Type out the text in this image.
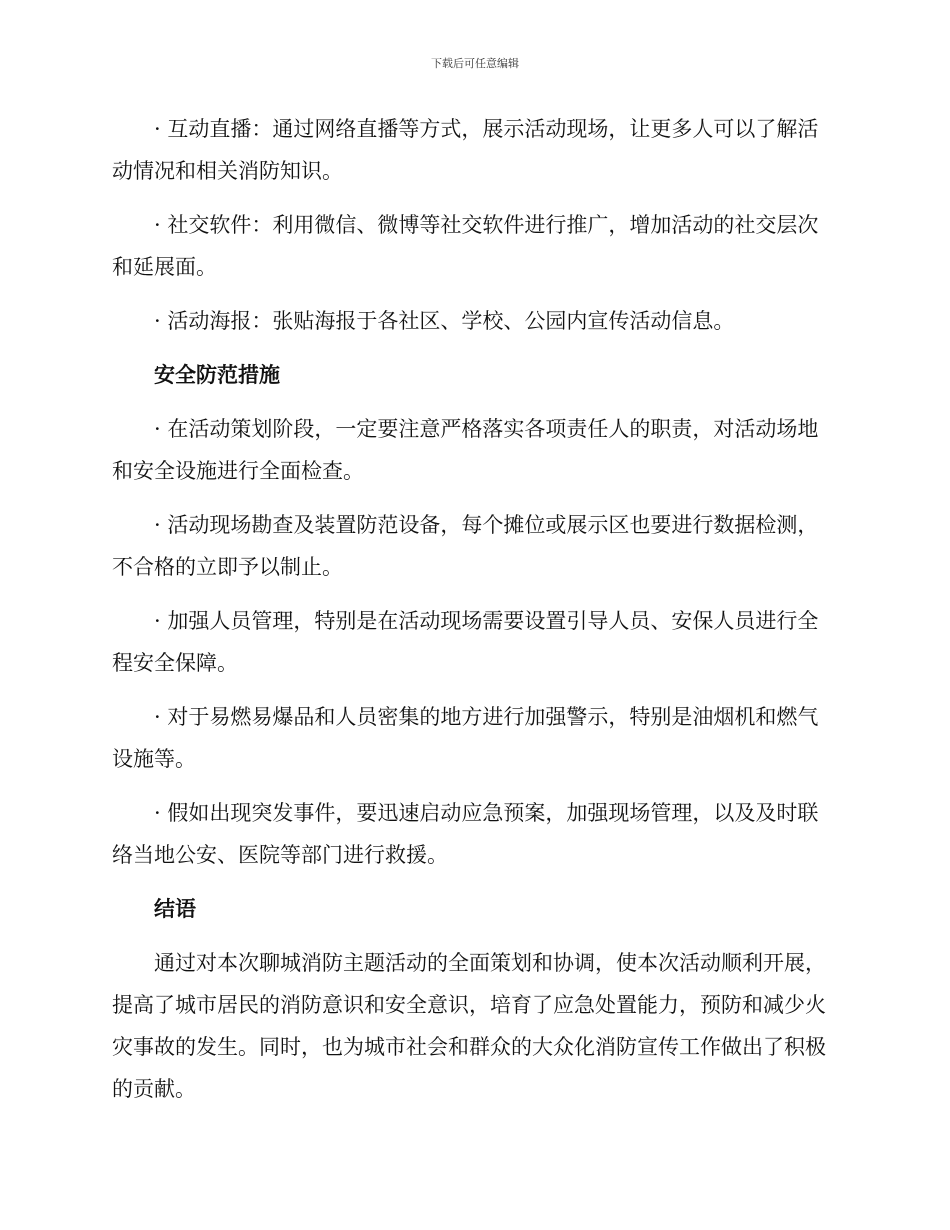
下载后可任意编辑

· 互动直播：通过网络直播等方式，展示活动现场，让更多人可以了解活动情况和相关消防知识。

· 社交软件：利用微信、微博等社交软件进行推广，增加活动的社交层次和延展面。

· 活动海报：张贴海报于各社区、学校、公园内宣传活动信息。

安全防范措施

· 在活动策划阶段，一定要注意严格落实各项责任人的职责，对活动场地和安全设施进行全面检查。

· 活动现场勘查及装置防范设备，每个摊位或展示区也要进行数据检测，不合格的立即予以制止。

· 加强人员管理，特别是在活动现场需要设置引导人员、安保人员进行全程安全保障。

· 对于易燃易爆品和人员密集的地方进行加强警示，特别是油烟机和燃气设施等。

· 假如出现突发事件，要迅速启动应急预案，加强现场管理，以及及时联络当地公安、医院等部门进行救援。

结语

通过对本次聊城消防主题活动的全面策划和协调，使本次活动顺利开展，提高了城市居民的消防意识和安全意识，培育了应急处置能力，预防和减少火灾事故的发生。同时，也为城市社会和群众的大众化消防宣传工作做出了积极的贡献。
